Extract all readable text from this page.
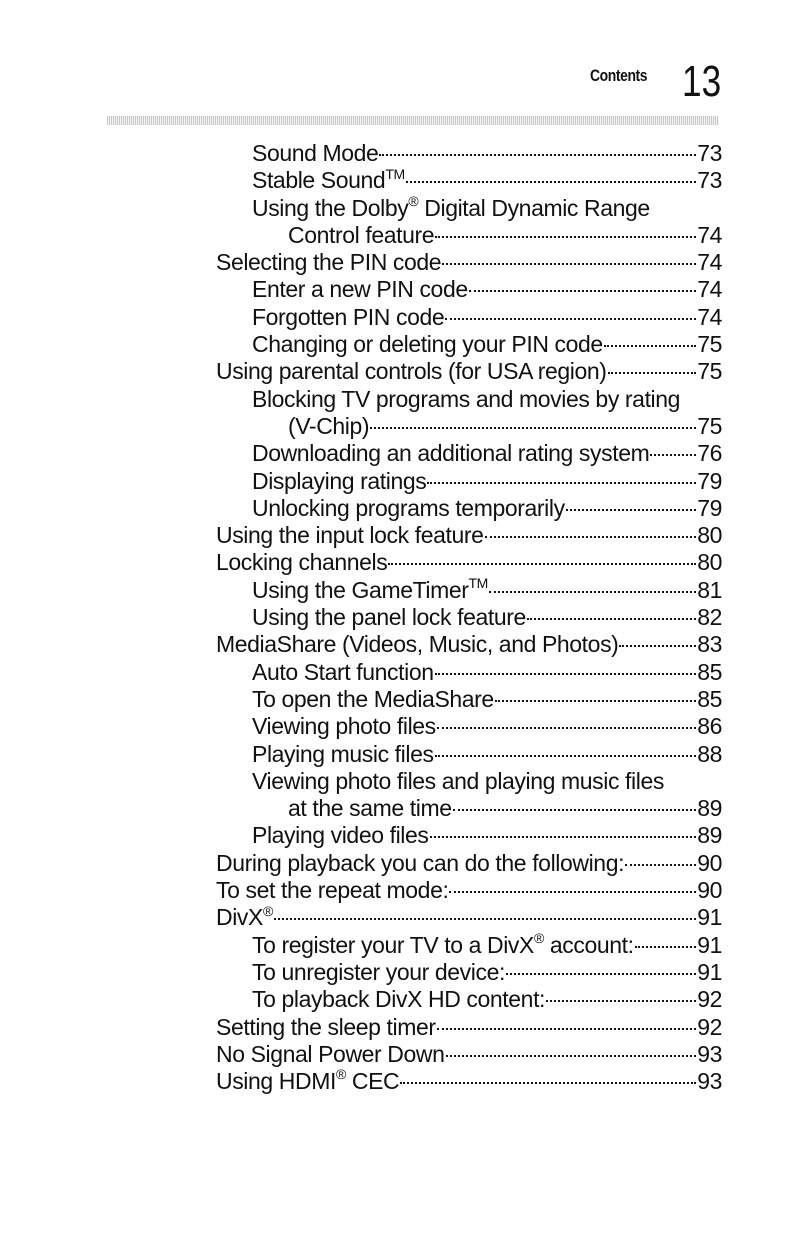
Contents 13
Sound Mode	73
Stable Sound™	73
Using the Dolby® Digital Dynamic Range
Control feature	74
Selecting the PIN code	74
Enter a new PIN code	74
Forgotten PIN code	74
Changing or deleting your PIN code	75
Using parental controls (for USA region)	75
Blocking TV programs and movies by rating
(V-Chip)	75
Downloading an additional rating system 76
Displaying ratings	79
Unlocking programs temporarily	79
Using the input lock feature	80
Locking channels	80
Using the GameTimer™	81
Using the panel lock feature	82
MediaShare (Videos, Music, and Photos)	83
Auto Start function	85
To open the MediaShare	85
Viewing photo files	86
Playing music files	88
Viewing photo files and playing music files
at the same time	89
Playing video files	89
During playback you can do the following:	90
To set the repeat mode:	90
DivX®	91
To register your TV to a DivX® account:	91
To unregister your device:	91
To playback DivX HD content:	92
Setting the sleep timer	92
No Signal Power Down	93
Using HDMI® CEC	93
